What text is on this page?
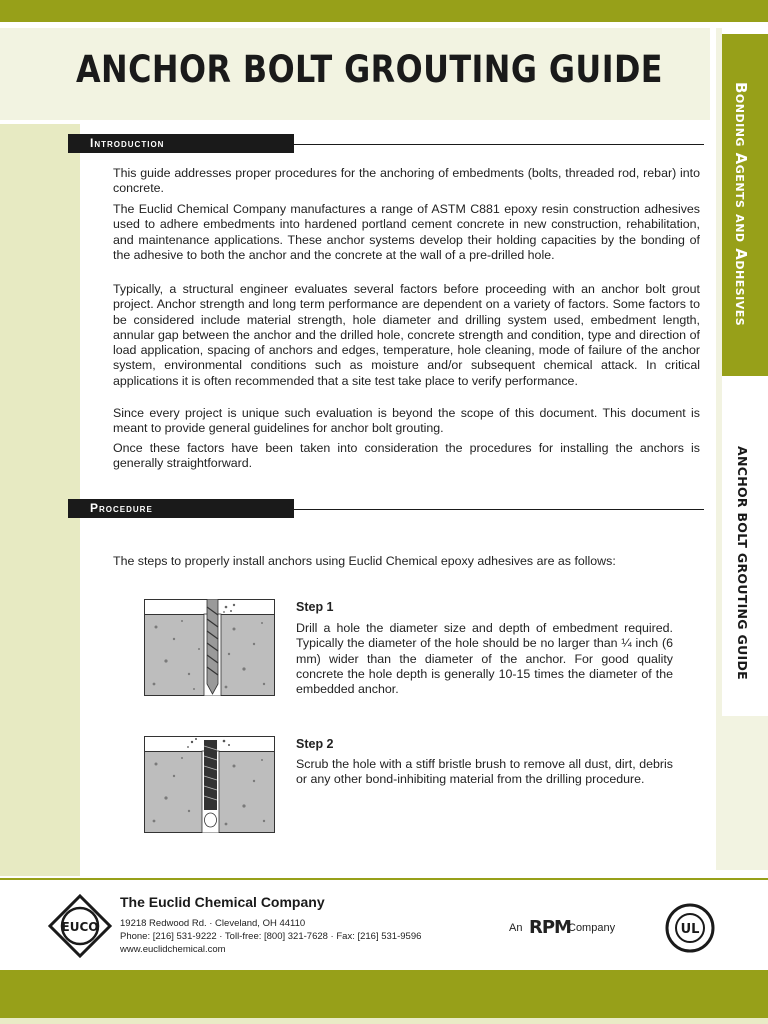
ANCHOR BOLT GROUTING GUIDE
Bonding Agents and Adhesives
ANCHOR BOLT GROUTING GUIDE
Introduction
This guide addresses proper procedures for the anchoring of embedments (bolts, threaded rod, rebar) into concrete.
The Euclid Chemical Company manufactures a range of ASTM C881 epoxy resin construction adhesives used to adhere embedments into hardened portland cement concrete in new construction, rehabilitation, and maintenance applications. These anchor systems develop their holding capacities by the bonding of the adhesive to both the anchor and the concrete at the wall of a pre-drilled hole.
Typically, a structural engineer evaluates several factors before proceeding with an anchor bolt grout project. Anchor strength and long term performance are dependent on a variety of factors. Some factors to be considered include material strength, hole diameter and drilling system used, embedment length, annular gap between the anchor and the drilled hole, concrete strength and condition, type and direction of load application, spacing of anchors and edges, temperature, hole cleaning, mode of failure of the anchor system, environmental conditions such as moisture and/or subsequent chemical attack. In critical applications it is often recommended that a site test take place to verify performance.
Since every project is unique such evaluation is beyond the scope of this document. This document is meant to provide general guidelines for anchor bolt grouting.
Once these factors have been taken into consideration the procedures for installing the anchors is generally straightforward.
Procedure
The steps to properly install anchors using Euclid Chemical epoxy adhesives are as follows:
Step 1
Drill a hole the diameter size and depth of embedment required. Typically the diameter of the hole should be no larger than ¼ inch (6 mm) wider than the diameter of the anchor. For good quality concrete the hole depth is generally 10-15 times the diameter of the embedded anchor.
Step 2
Scrub the hole with a stiff bristle brush to remove all dust, dirt, debris or any other bond-inhibiting material from the drilling procedure.
EUCO
The Euclid Chemical Company
19218 Redwood Rd. · Cleveland, OH 44110
Phone: [216] 531-9222 · Toll-free: [800] 321-7628 · Fax: [216] 531-9596
www.euclidchemical.com
An RPM
Company	UL
